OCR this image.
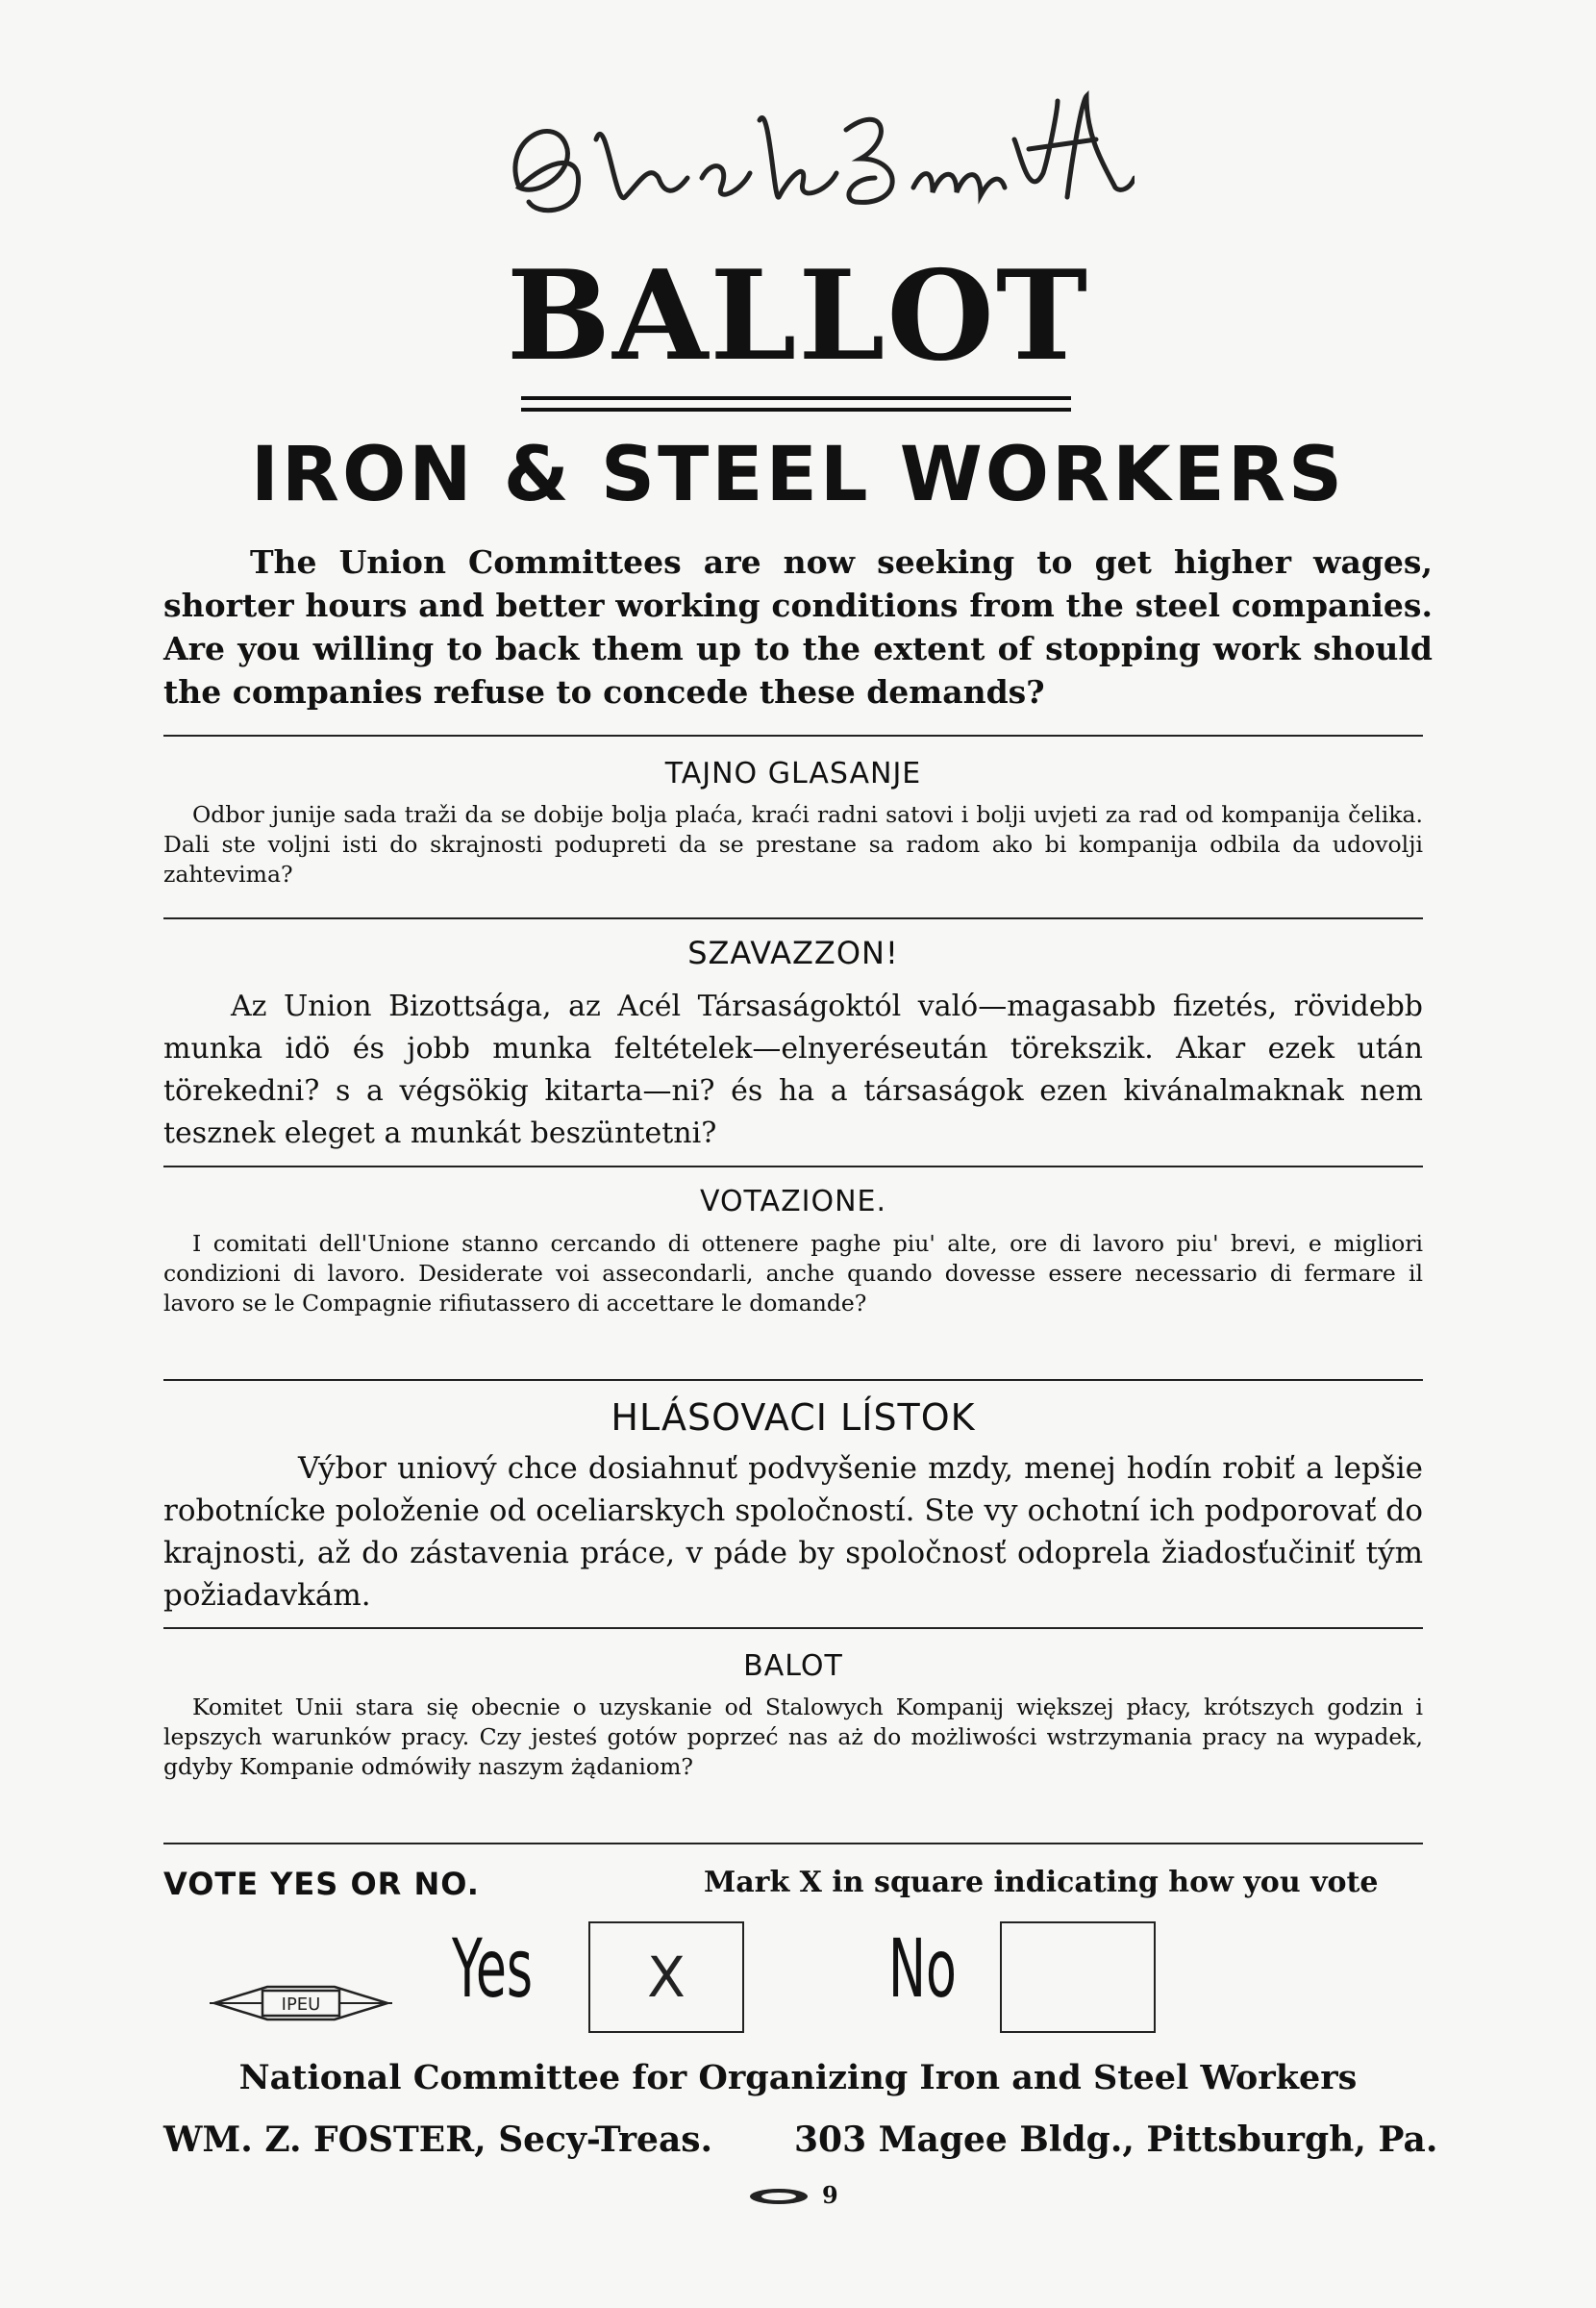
BALLOT
IRON & STEEL WORKERS
The Union Committees are now seeking to get higher wages, shorter hours and better working conditions from the steel companies. Are you willing to back them up to the extent of stopping work should the companies refuse to concede these demands?
TAJNO GLASANJE
Odbor junije sada traži da se dobije bolja plaća, kraći radni satovi i bolji uvjeti za rad od kompanija čelika. Dali ste voljni isti do skrajnosti podupreti da se prestane sa radom ako bi kompanija odbila da udovolji zahtevima?
SZAVAZZON!
Az Union Bizottsága, az Acél Társaságoktól való—magasabb fizetés, rövidebb munka idö és jobb munka feltételek—elnyeréseután törekszik. Akar ezek után törekedni? s a végsökig kitarta—ni? és ha a társaságok ezen kivánalmaknak nem tesznek eleget a munkát beszüntetni?
VOTAZIONE.
I comitati dell'Unione stanno cercando di ottenere paghe piu' alte, ore di lavoro piu' brevi, e migliori condizioni di lavoro. Desiderate voi assecondarli, anche quando dovesse essere necessario di fermare il lavoro se le Compagnie rifiutassero di accettare le domande?
HLÁSOVACI LÍSTOK
Výbor uniový chce dosiahnuť podvyšenie mzdy, menej hodín robiť a lepšie robotnícke položenie od oceliarskych spoločností. Ste vy ochotní ich podporovať do krajnosti, až do zástavenia práce, v páde by spoločnosť odoprela žiadosťučiniť tým požiadavkám.
BALOT
Komitet Unii stara się obecnie o uzyskanie od Stalowych Kompanij większej płacy, krótszych godzin i lepszych warunków pracy. Czy jesteś gotów poprzeć nas aż do możliwości wstrzymania pracy na wypadek, gdyby Kompanie odmówiły naszym żądaniom?
VOTE YES OR NO.	Mark X in square indicating how you vote
IPEU Yes X	No
National Committee for Organizing Iron and Steel Workers
WM. Z. FOSTER, Secy-Treas. 303 Magee Bldg., Pittsburgh, Pa.
9
